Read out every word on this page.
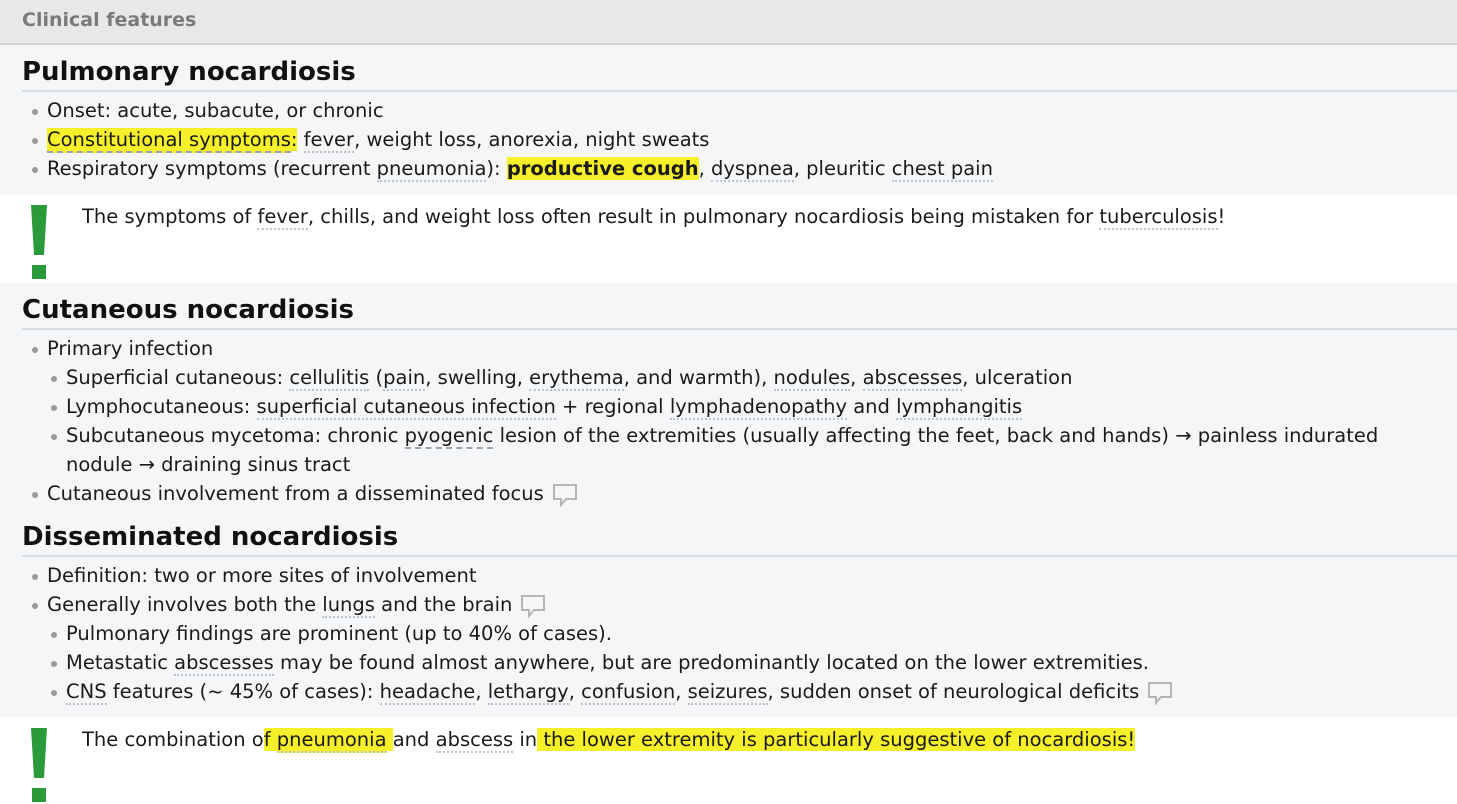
Clinical features
Pulmonary nocardiosis
Onset: acute, subacute, or chronic
Constitutional symptoms: fever, weight loss, anorexia, night sweats
Respiratory symptoms (recurrent pneumonia): productive cough, dyspnea, pleuritic chest pain
The symptoms of fever, chills, and weight loss often result in pulmonary nocardiosis being mistaken for tuberculosis!
Cutaneous nocardiosis
Primary infection
Superficial cutaneous: cellulitis (pain, swelling, erythema, and warmth), nodules, abscesses, ulceration
Lymphocutaneous: superficial cutaneous infection + regional lymphadenopathy and lymphangitis
Subcutaneous mycetoma: chronic pyogenic lesion of the extremities (usually affecting the feet, back and hands) → painless indurated nodule → draining sinus tract
Cutaneous involvement from a disseminated focus
Disseminated nocardiosis
Definition: two or more sites of involvement
Generally involves both the lungs and the brain
Pulmonary findings are prominent (up to 40% of cases).
Metastatic abscesses may be found almost anywhere, but are predominantly located on the lower extremities.
CNS features (~ 45% of cases): headache, lethargy, confusion, seizures, sudden onset of neurological deficits
The combination of pneumonia and abscess in the lower extremity is particularly suggestive of nocardiosis!
